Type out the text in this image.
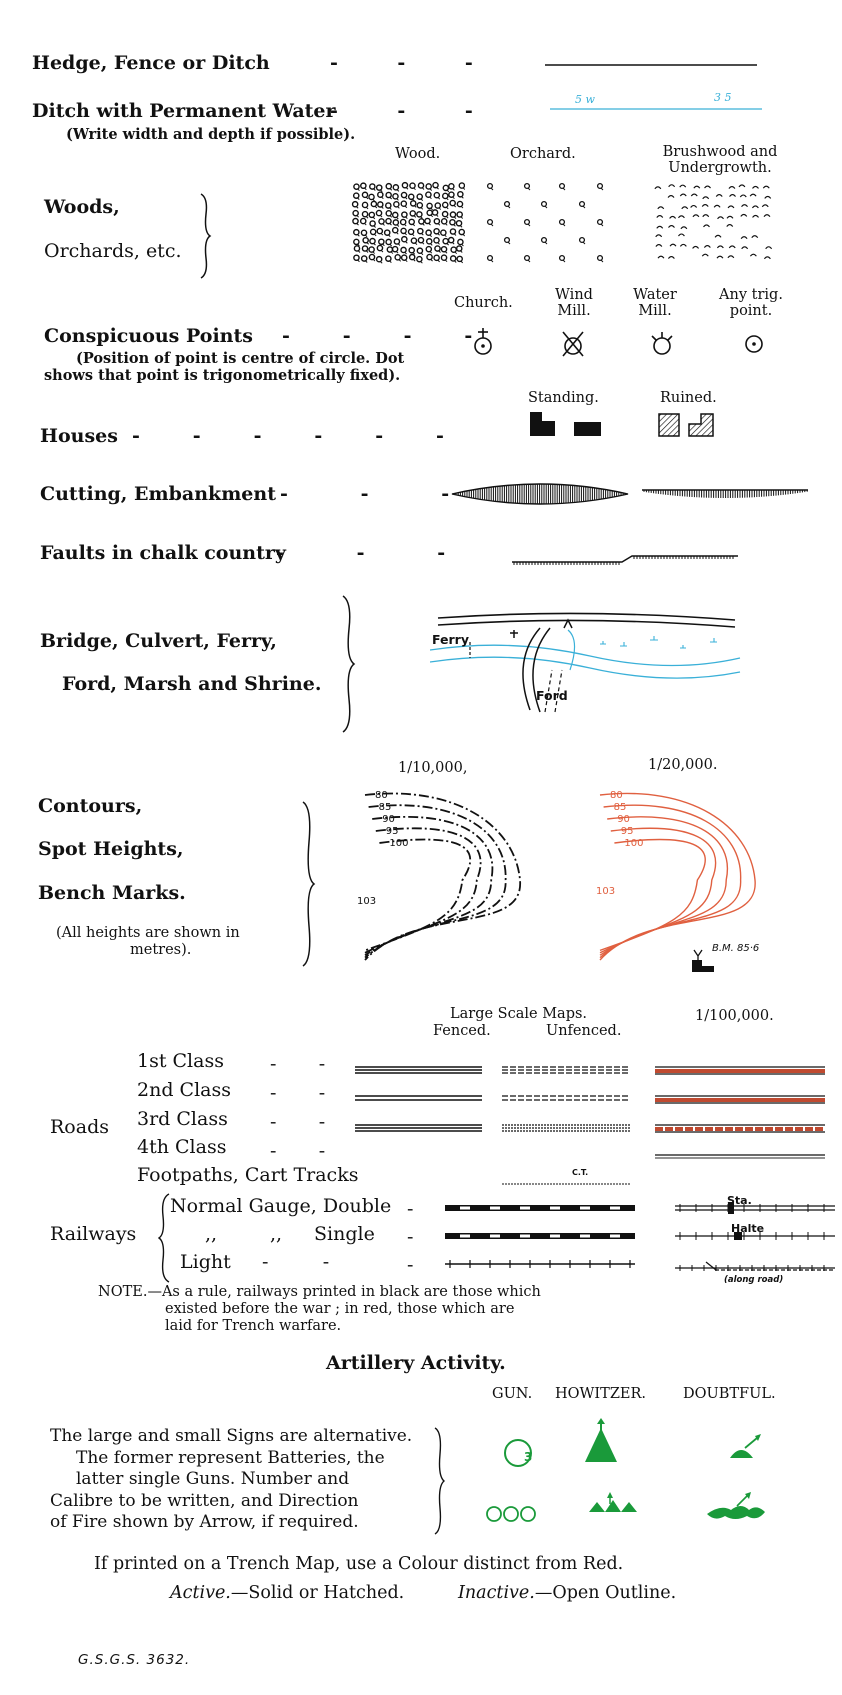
Hedge, Fence or Ditch	-         -         -
Ditch with Permanent Water
-         -         -
(Write width and depth if possible).
5 w	3 5
Wood.	Orchard.	Brushwood and Undergrowth.
Woods,
Orchards, etc.
Church.	Wind
Mill.
Water
Mill.
Any trig.
point.
Conspicuous Points -        -        -        -
(Position of point is centre of circle. Dot
shows that point is trigonometrically fixed).
Standing.	Ruined.
Houses -        -        -        -        -        -
Cutting, Embankment -           -           -
Faults in chalk country
-           -           -
Bridge, Culvert, Ferry,
Ford, Marsh and Shrine.
Ferry
Ford
1/10,000,	1/20,000.
Contours,
Spot Heights,
Bench Marks.
(All heights are shown in
metres).
80
85
90
95
100
80
85
90
95
100
103
103
B.M. 85·6
Large Scale Maps.
Fenced.	Unfenced.
1/100,000.
1st Class
2nd Class
3rd Class
4th Class
Footpaths, Cart Tracks
Roads
-       -
-       -
-       -
-       -
C.T.
Railways
Normal Gauge, Double
,,	,, Single
Light
-
-
-
-         -
Sta.
Halte
(along road)
NOTE.—As a rule, railways printed in black are those which
existed before the war ; in red, those which are
laid for Trench warfare.
Artillery Activity.
GUN. HOWITZER.	DOUBTFUL.
The large and small Signs are alternative.
The former represent Batteries, the
latter single Guns. Number and
Calibre to be written, and Direction
of Fire shown by Arrow, if required.
3
If printed on a Trench Map, use a Colour distinct from Red.
Active.—Solid or Hatched.	Inactive.—Open Outline.
G.S.G.S. 3632.
